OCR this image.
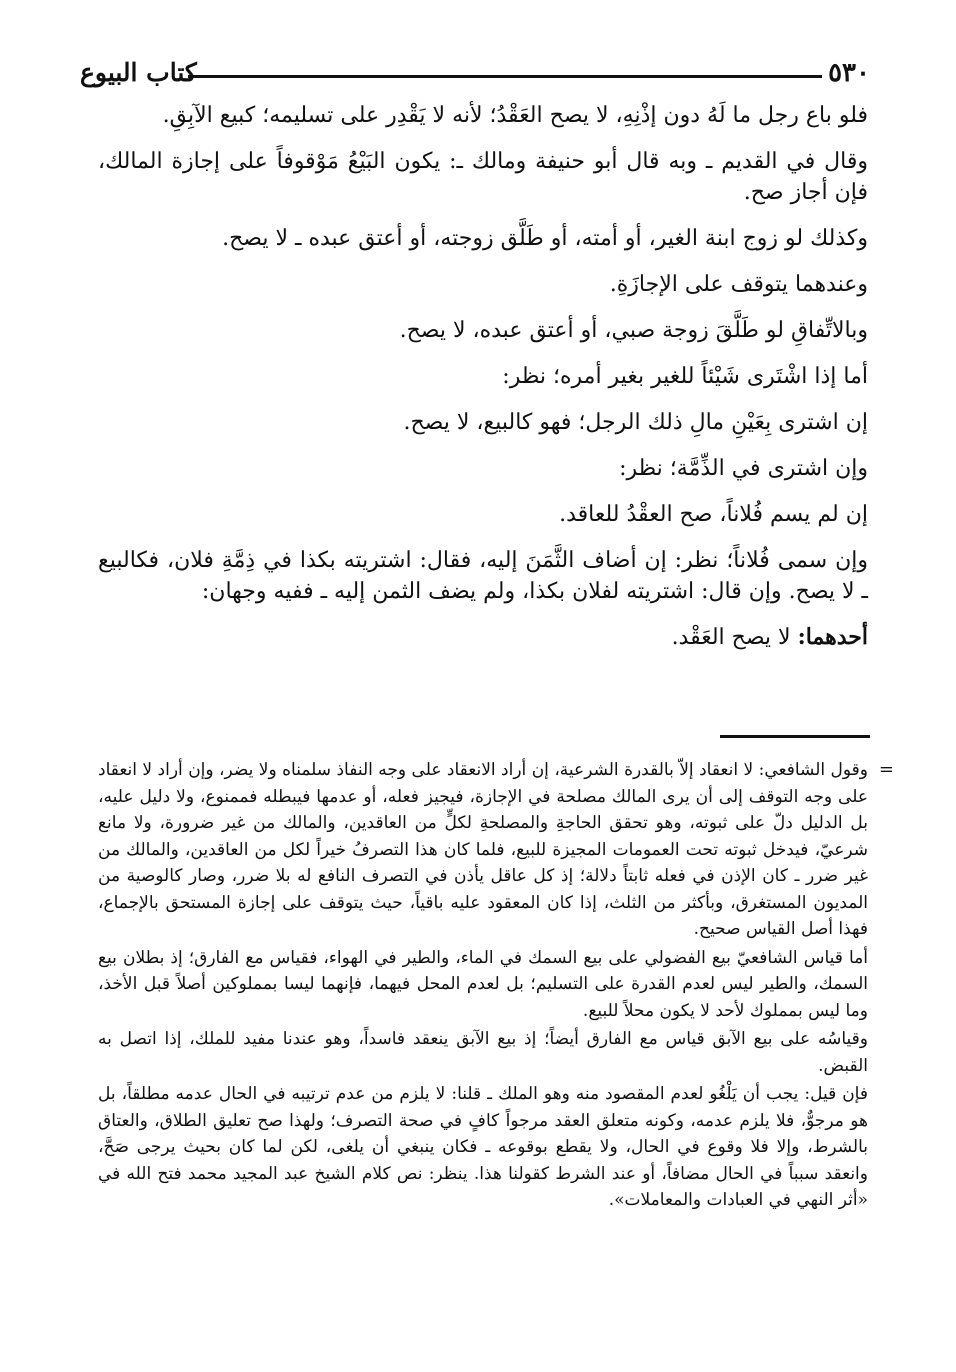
٥٣٠
كتاب البيوع

فلو باع رجل ما لَهُ دون إذْنِهِ، لا يصح العَقْدُ؛ لأنه لا يَقْدِر على تسليمه؛ كبيع الآبِقِ.

وقال في القديم ـ وبه قال أبو حنيفة ومالك ـ: يكون البَيْعُ مَوْقوفاً على إجازة المالك، فإن أجاز صح.

وكذلك لو زوج ابنة الغير، أو أمته، أو طَلَّق زوجته، أو أعتق عبده ـ لا يصح.

وعندهما يتوقف على الإجازَةِ.

وبالاتِّفاقِ لو طَلَّقَ زوجة صبي، أو أعتق عبده، لا يصح.

أما إذا اشْتَرى شَيْئاً للغير بغير أمره؛ نظر:

إن اشترى بِعَيْنِ مالِ ذلك الرجل؛ فهو كالبيع، لا يصح.

وإن اشترى في الذِّمَّة؛ نظر:

إن لم يسم فُلاناً، صح العقْدُ للعاقد.

وإن سمى فُلاناً؛ نظر: إن أضاف الثَّمَنَ إليه، فقال: اشتريته بكذا في ذِمَّةِ فلان، فكالبيع ـ لا يصح. وإن قال: اشتريته لفلان بكذا، ولم يضف الثمن إليه ـ ففيه وجهان:

أحدهما: لا يصح العَقْد.

=

وقول الشافعي: لا انعقاد إلاّ بالقدرة الشرعية، إن أراد الانعقاد على وجه النفاذ سلمناه ولا يضر، وإن أراد لا انعقاد على وجه التوقف إلى أن يرى المالك مصلحة في الإجازة، فيجيز فعله، أو عدمها فيبطله فممنوع، ولا دليل عليه، بل الدليل دلّ على ثبوته، وهو تحقق الحاجةِ والمصلحةِ لكلٍّ من العاقدين، والمالك من غير ضرورة، ولا مانع شرعيّ، فيدخل ثبوته تحت العمومات المجيزة للبيع، فلما كان هذا التصرفُ خيراً لكل من العاقدين، والمالك من غير ضرر ـ كان الإذن في فعله ثابتاً دلالة؛ إذ كل عاقل يأذن في التصرف النافع له بلا ضرر، وصار كالوصية من المديون المستغرق، وبأكثر من الثلث، إذا كان المعقود عليه باقياً، حيث يتوقف على إجازة المستحق بالإجماع، فهذا أصل القياس صحيح.

أما قياس الشافعيّ بيع الفضولي على بيع السمك في الماء، والطير في الهواء، فقياس مع الفارق؛ إذ بطلان بيع السمك، والطير ليس لعدم القدرة على التسليم؛ بل لعدم المحل فيهما، فإنهما ليسا بمملوكين أصلاً قبل الأخذ، وما ليس بمملوك لأحد لا يكون محلاً للبيع.

وقياسُه على بيع الآبق قياس مع الفارق أيضاً؛ إذ بيع الآبق ينعقد فاسداً، وهو عندنا مفيد للملك، إذا اتصل به القبض.

فإن قيل: يجب أن يَلْغُو لعدم المقصود منه وهو الملك ـ قلنا: لا يلزم من عدم ترتيبه في الحال عدمه مطلقاً، بل هو مرجوٌّ، فلا يلزم عدمه، وكونه متعلق العقد مرجواً كافٍ في صحة التصرف؛ ولهذا صح تعليق الطلاق، والعتاق بالشرط، وإلا فلا وقوع في الحال، ولا يقطع بوقوعه ـ فكان ينبغي أن يلغى، لكن لما كان بحيث يرجى صَحَّ، وانعقد سبباً في الحال مضافاً، أو عند الشرط كقولنا هذا. ينظر: نص كلام الشيخ عبد المجيد محمد فتح الله في «أثر النهي في العبادات والمعاملات».
